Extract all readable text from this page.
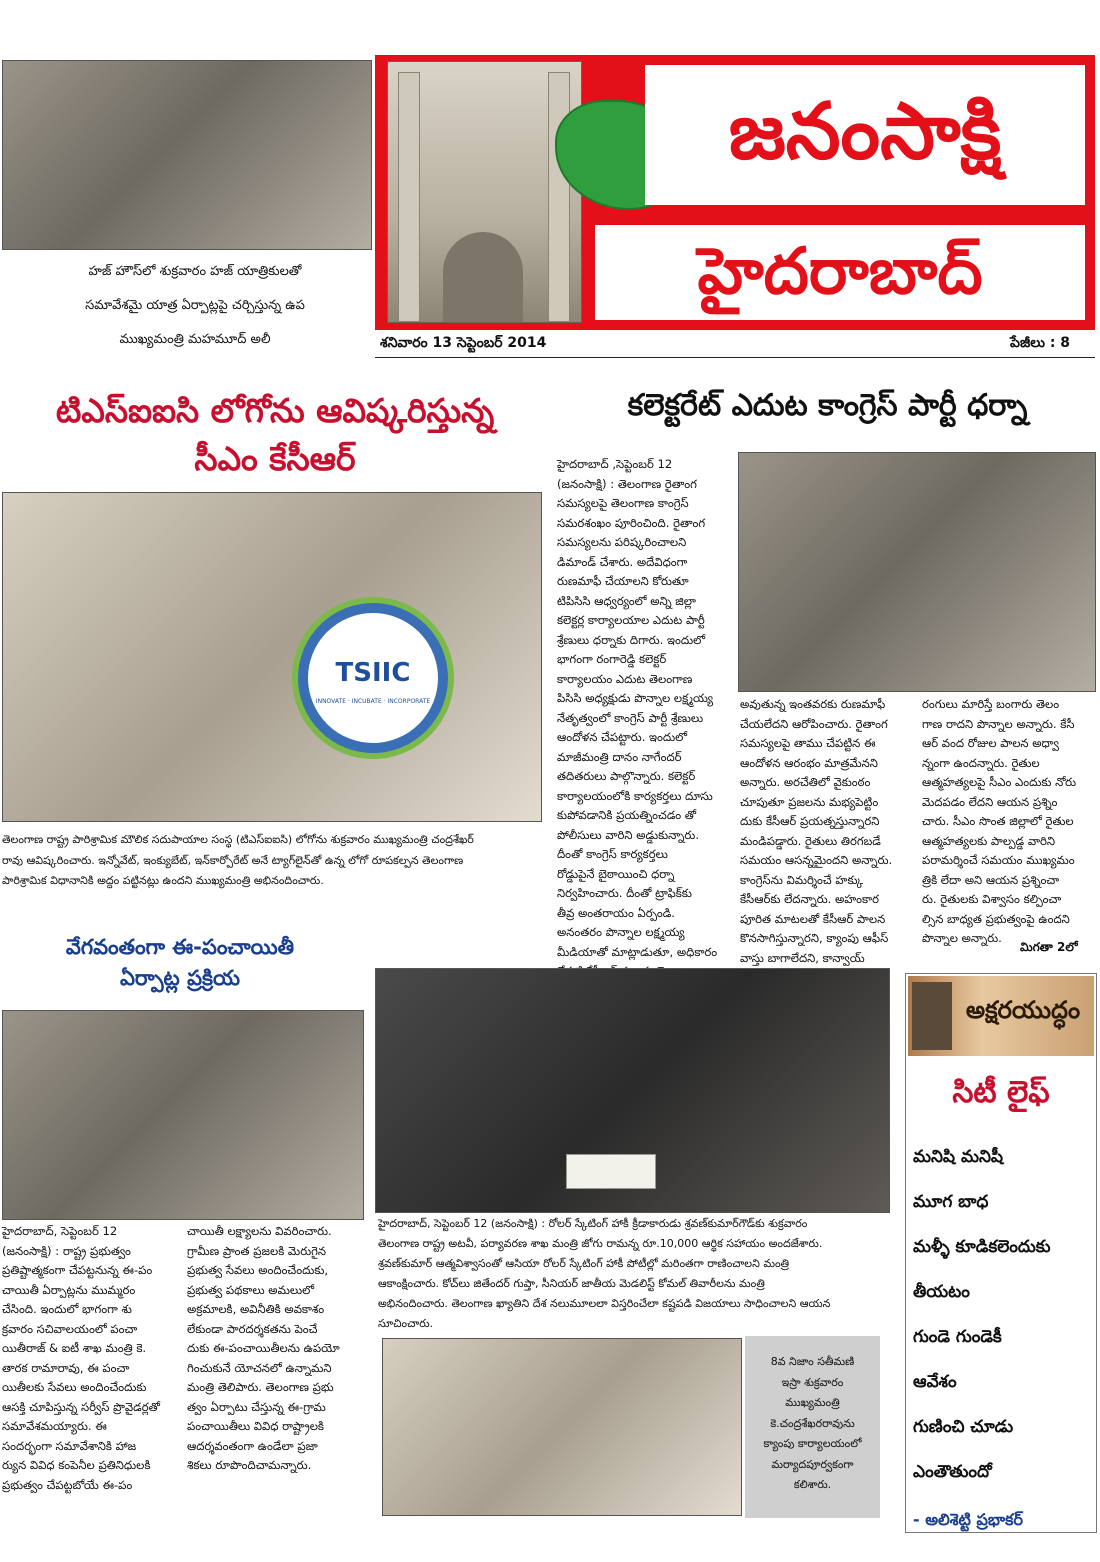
హజ్ హౌస్‌లో శుక్రవారం హజ్ యాత్రికులతో
సమావేశమై యాత్ర ఏర్పాట్లపై చర్చిస్తున్న ఉప
ముఖ్యమంత్రి మహమూద్ అలీ
జనంసాక్షి
హైదరాబాద్
శనివారం 13 సెప్టెంబర్ 2014	పేజీలు : 8
టిఎస్ఐఐసి లోగోను ఆవిష్కరిస్తున్న
సీఎం కేసీఆర్
TSIIC
INNOVATE · INCUBATE · INCORPORATE
తెలంగాణ రాష్ట్ర పారిశ్రామిక మౌలిక సదుపాయాల సంస్థ (టిఎస్ఐఐసి) లోగోను శుక్రవారం ముఖ్యమంత్రి చంద్రశేఖర్
రావు ఆవిష్కరించారు. ఇన్నోవేట్, ఇంక్యుబేట్, ఇన్‌కార్పోరేట్ అనే ట్యాగ్‌లైన్‌తో ఉన్న లోగో రూపకల్పన తెలంగాణ
పారిశ్రామిక విధానానికి అద్దం పట్టినట్లు ఉందని ముఖ్యమంత్రి అభినందించారు.
కలెక్టరేట్ ఎదుట కాంగ్రెస్ పార్టీ ధర్నా

హైదరాబాద్ ,సెప్టెంబర్ 12

(జనంసాక్షి) : తెలంగాణ రైతాంగ

సమస్యలపై తెలంగాణ కాంగ్రెస్

సమరశంఖం పూరించింది. రైతాంగ

సమస్యలను పరిష్కరించాలని

డిమాండ్ చేశారు. అదేవిధంగా

రుణమాఫీ చేయాలని కోరుతూ

టిపిసిసి ఆధ్వర్యంలో అన్ని జిల్లా

కలెక్టర్ల కార్యాలయాల ఎదుట పార్టీ

శ్రేణులు ధర్నాకు దిగారు. ఇందులో

భాగంగా రంగారెడ్డి కలెక్టర్

కార్యాలయం ఎదుట తెలంగాణ

పిసిసి అధ్యక్షుడు పొన్నాల లక్ష్మయ్య

నేతృత్వంలో కాంగ్రెస్ పార్టీ శ్రేణులు

ఆందోళన చేపట్టారు. ఇందులో

మాజీమంత్రి దానం నాగేందర్

తదితరులు పాల్గొన్నారు. కలెక్టర్

కార్యాలయంలోకి కార్యకర్తలు దూసు

కుపోవడానికి ప్రయత్నించడం తో

పోలీసులు వారిని అడ్డుకున్నారు.

దీంతో కాంగ్రెస్ కార్యకర్తలు

రోడ్డుపైనే బైఠాయించి ధర్నా

నిర్వహించారు. దీంతో ట్రాఫిక్‌కు

తీవ్ర అంతరాయం ఏర్పండి.

అనంతరం పొన్నాల లక్ష్మయ్య

మీడియాతో మాట్లాడుతూ, అధికారం

అవుతున్న ఇంతవరకు రుణమాఫీ

చేయలేదని ఆరోపించారు. రైతాంగ

సమస్యలపై తాము చేపట్టిన ఈ

ఆందోళన ఆరంభం మాత్రమేనని

అన్నారు. అరచేతిలో వైకుంఠం

చూపుతూ ప్రజలను మభ్యపెట్టిం

దుకు కేసీఆర్ ప్రయత్నస్తున్నారని

మండిపడ్డారు. రైతులు తిరగబడే

సమయం ఆసన్నమైందని అన్నారు.

కాంగ్రెస్‌ను విమర్శించే హక్కు

కేసీఆర్‌కు లేదన్నారు. అహంకార

పూరిత మాటలతో కేసీఆర్ పాలన

కొనసాగిస్తున్నారని, క్యాంపు ఆఫీస్

వాస్తు బాగాలేదని, కాన్వాయ్

రంగులు మారిస్తే బంగారు తెలం

గాణ రాదని పొన్నాల అన్నారు. కేసీ

ఆర్ వంద రోజుల పాలన అధ్వా

న్నంగా ఉందన్నారు. రైతుల

ఆత్మహత్యలపై సీఎం ఎందుకు నోరు

మెదపడం లేదని ఆయన ప్రశ్నిం

చారు. సీఎం సొంత జిల్లాలో రైతుల

ఆత్మహత్యలకు పాల్పడ్డ వారిని

పరామర్శించే సమయం ముఖ్యమం

త్రికి లేదా అని ఆయన ప్రశ్నించా

రు. రైతులకు విశ్వాసం కల్పించా

ల్సిన బాధ్యత ప్రభుత్వంపై ఉందని

పొన్నాల అన్నారు.

మిగతా 2లో
వేగవంతంగా ఈ-పంచాయితీ
ఏర్పాట్ల ప్రక్రియ

హైదరాబాద్, సెప్టెంబర్ 12

(జనంసాక్షి) : రాష్ట్ర ప్రభుత్వం

ప్రతిష్టాత్మకంగా చేపట్టనున్న ఈ-పం

చాయితీ ఏర్పాట్లను ముమ్మరం

చేసింది. ఇందులో భాగంగా శు

క్రవారం సచివాలయంలో పంచా

యితీరాజ్ & ఐటీ శాఖ మంత్రి కె.

తారక రామారావు, ఈ పంచా

యితీలకు సేవలు అందించేందుకు

ఆసక్తి చూపిస్తున్న సర్వీస్ ప్రొవైడర్లతో

సమావేశమయ్యారు. ఈ

సందర్భంగా సమావేశానికి హాజ

ర్యున వివిధ కంపెనీల ప్రతినిధులకి

ప్రభుత్వం చేపట్టబోయే ఈ-పం

చాయితీ లక్ష్యాలను వివరించారు.

గ్రామీణ ప్రాంత ప్రజలకి మెరుగైన

ప్రభుత్వ సేవలు అందించేందుకు,

ప్రభుత్వ పథకాలు అమలులో

అక్రమాలకి, అవినీతికి అవకాశం

లేకుండా పారదర్శకతను పెంచే

దుకు ఈ-పంచాయితీలను ఉపయో

గించుకునే యోచనలో ఉన్నామని

మంత్రి తెలిపారు. తెలంగాణ ప్రభు

త్వం ఏర్పాటు చేస్తున్న ఈ-గ్రామ

పంచాయితీలు వివిధ రాష్ట్రాలకి

ఆదర్శవంతంగా ఉండేలా ప్రజా

శికలు రూపొందిచామన్నారు.

హైదరాబాద్, సెప్టెంబర్ 12 (జనంసాక్షి) : రోలర్ స్కేటింగ్ హాకీ క్రీడాకారుడు శ్రవణ్‌కుమార్‌గౌడ్‌కు శుక్రవారం
తెలంగాణ రాష్ట్ర అటవీ, పర్యావరణ శాఖ మంత్రి జోగు రామన్న రూ.10,000 ఆర్థిక సహాయం అందజేశారు.
శ్రవణ్‌కుమార్ ఆత్మవిశ్వాసంతో ఆసియా రోలర్ స్కేటింగ్ హాకీ పోటీల్లో మరింతగా రాణించాలని మంత్రి
ఆకాంక్షించారు. కోచ్‌లు జితేందర్ గుప్తా, సీనియర్ జాతీయ మెడలిస్ట్ కోమల్ తివారీలను మంత్రి
అభినందించారు. తెలంగాణ ఖ్యాతిని దేశ నలుమూలలా విస్తరించేలా కష్టపడి విజయాలు సాధించాలని ఆయన
సూచించారు.
8వ నిజాం సతీమణి
ఇస్రా శుక్రవారం
ముఖ్యమంత్రి
కె.చంద్రశేఖరరావును
క్యాంపు కార్యాలయంలో
మర్యాదపూర్వకంగా
కలిశారు.
అక్షరయుద్ధం
సిటీ లైఫ్
మనిషి మనిషీ
మూగ బాధ
మళ్ళీ కూడికలెందుకు
తీయటం
గుండె గుండెకీ
ఆవేశం
గుణించి చూడు
ఎంతౌతుందో
- అలిశెట్టి ప్రభాకర్
